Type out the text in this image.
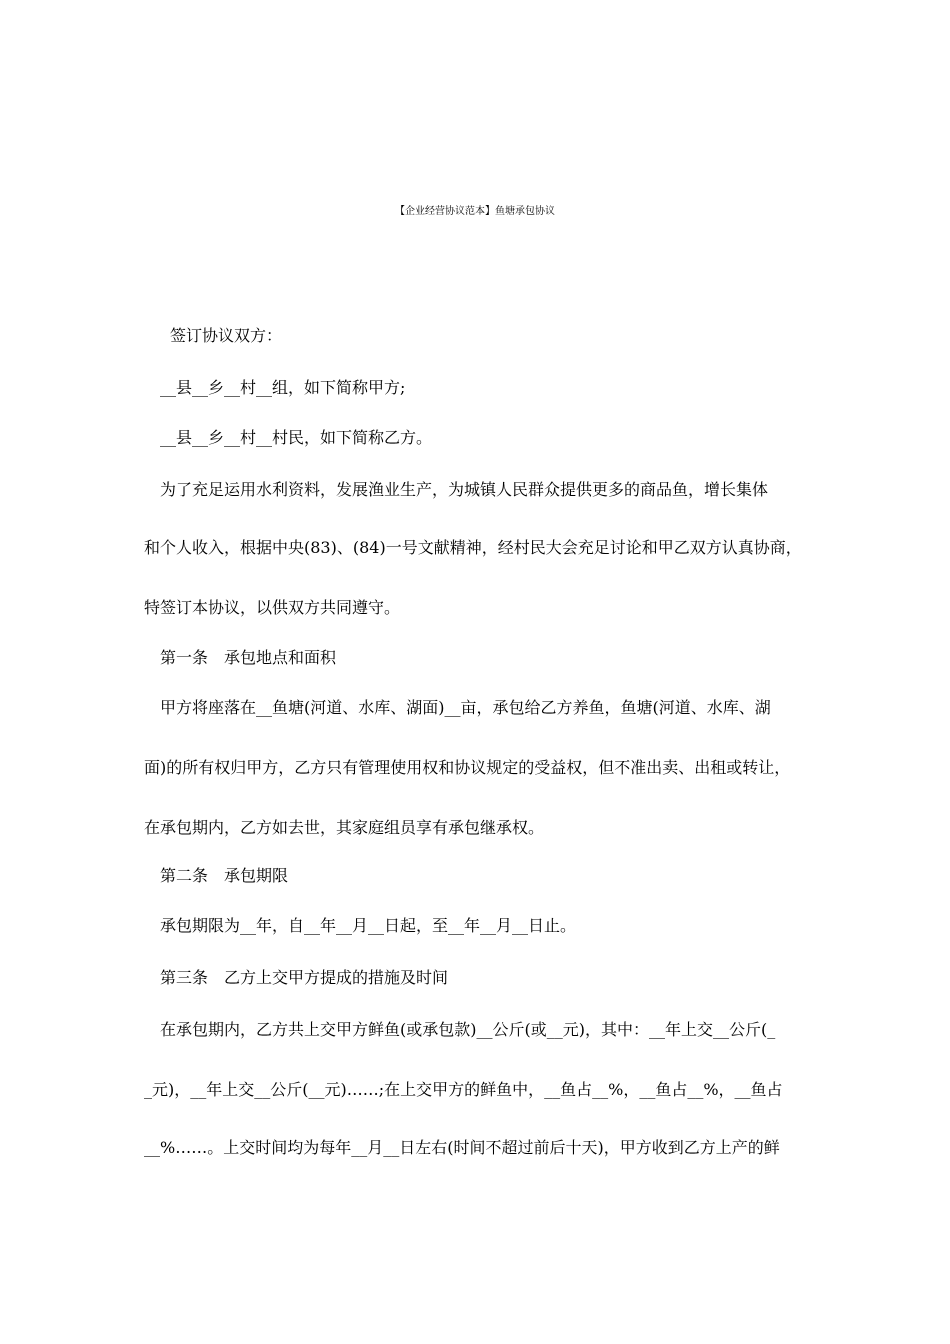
【企业经营协议范本】鱼塘承包协议
签订协议双方：
__县__乡__村__组，如下简称甲方;
__县__乡__村__村民，如下简称乙方。
为了充足运用水利资料，发展渔业生产，为城镇人民群众提供更多的商品鱼，增长集体
和个人收入，根据中央(83)、(84)一号文献精神，经村民大会充足讨论和甲乙双方认真协商，
特签订本协议，以供双方共同遵守。
第一条　承包地点和面积
甲方将座落在__鱼塘(河道、水库、湖面)__亩，承包给乙方养鱼，鱼塘(河道、水库、湖
面)的所有权归甲方，乙方只有管理使用权和协议规定的受益权，但不准出卖、出租或转让，
在承包期内，乙方如去世，其家庭组员享有承包继承权。
第二条　承包期限
承包期限为__年，自__年__月__日起，至__年__月__日止。
第三条　乙方上交甲方提成的措施及时间
在承包期内，乙方共上交甲方鲜鱼(或承包款)__公斤(或__元)，其中：__年上交__公斤(_
_元)，__年上交__公斤(__元)……;在上交甲方的鲜鱼中，__鱼占__%，__鱼占__%，__鱼占
__%……。上交时间均为每年__月__日左右(时间不超过前后十天)，甲方收到乙方上产的鲜
